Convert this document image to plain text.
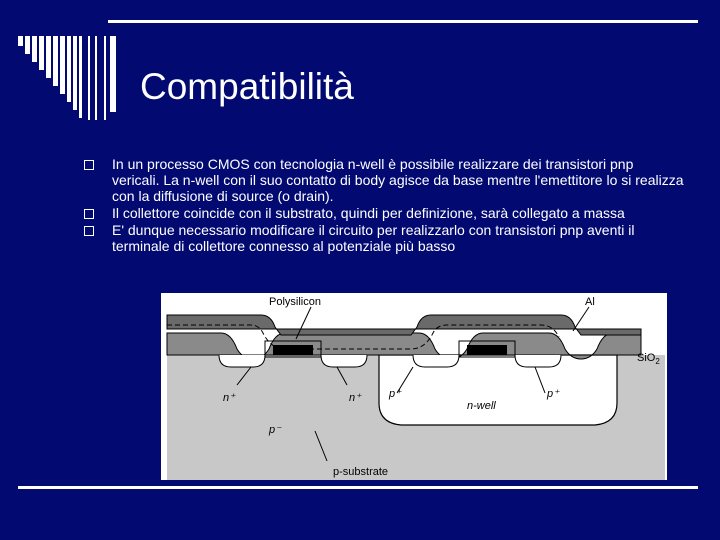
Compatibilità
In un processo CMOS con tecnologia n-well è possibile realizzare dei transistori pnp vericali. La n-well con il suo contatto di body agisce da base mentre l'emettitore lo si realizza con la diffusione di source (o drain).
Il collettore coincide con il substrato, quindi per definizione, sarà collegato a massa
E' dunque necessario modificare il circuito per realizzarlo con transistori pnp aventi il terminale di collettore connesso al potenziale più basso
Polysilicon	Al
SiO$_2$
n⁺	n⁺	p⁺
n-well
p⁺
p⁻
p-substrate
